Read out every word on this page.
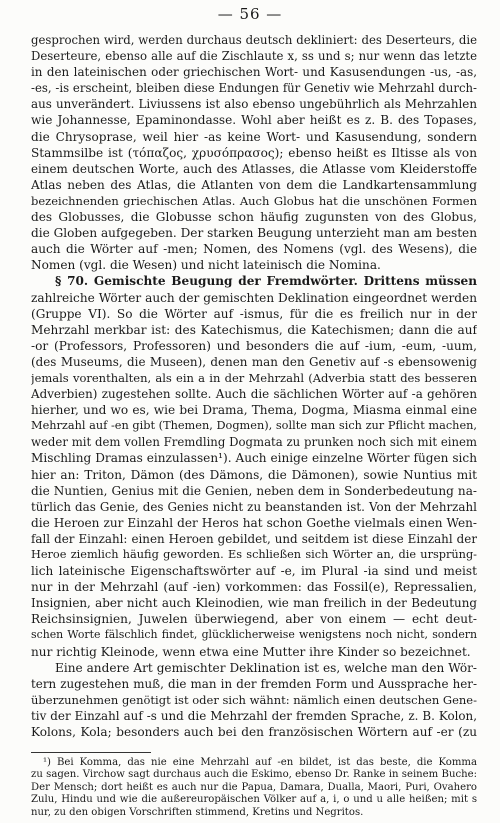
— 56 —
gesprochen wird, werden durchaus deutsch dekliniert: des Deserteurs, die
Deserteure, ebenso alle auf die Zischlaute x, ss und s; nur wenn das letzte
in den lateinischen oder griechischen Wort- und Kasusendungen -us, -as,
-es, -is erscheint, bleiben diese Endungen für Genetiv wie Mehrzahl durch-
aus unverändert. Liviussens ist also ebenso ungebührlich als Mehrzahlen
wie Johannesse, Epaminondasse. Wohl aber heißt es z. B. des Topases,
die Chrysoprase, weil hier -as keine Wort- und Kasusendung, sondern
Stammsilbe ist (τόπαζος, χρυσόπρασος); ebenso heißt es Iltisse als von
einem deutschen Worte, auch des Atlasses, die Atlasse vom Kleiderstoffe
Atlas neben des Atlas, die Atlanten von dem die Landkartensammlung
bezeichnenden griechischen Atlas. Auch Globus hat die unschönen Formen
des Globusses, die Globusse schon häufig zugunsten von des Globus,
die Globen aufgegeben. Der starken Beugung unterzieht man am besten
auch die Wörter auf -men; Nomen, des Nomens (vgl. des Wesens), die
Nomen (vgl. die Wesen) und nicht lateinisch die Nomina.
§ 70. Gemischte Beugung der Fremdwörter. Drittens müssen
zahlreiche Wörter auch der gemischten Deklination eingeordnet werden
(Gruppe VI). So die Wörter auf -ismus, für die es freilich nur in der
Mehrzahl merkbar ist: des Katechismus, die Katechismen; dann die auf
-or (Professors, Professoren) und besonders die auf -ium, -eum, -uum,
(des Museums, die Museen), denen man den Genetiv auf -s ebensowenig
jemals vorenthalten, als ein a in der Mehrzahl (Adverbia statt des besseren
Adverbien) zugestehen sollte. Auch die sächlichen Wörter auf -a gehören
hierher, und wo es, wie bei Drama, Thema, Dogma, Miasma einmal eine
Mehrzahl auf -en gibt (Themen, Dogmen), sollte man sich zur Pflicht machen,
weder mit dem vollen Fremdling Dogmata zu prunken noch sich mit einem
Mischling Dramas einzulassen¹). Auch einige einzelne Wörter fügen sich
hier an: Triton, Dämon (des Dämons, die Dämonen), sowie Nuntius mit
die Nuntien, Genius mit die Genien, neben dem in Sonderbedeutung na-
türlich das Genie, des Genies nicht zu beanstanden ist. Von der Mehrzahl
die Heroen zur Einzahl der Heros hat schon Goethe vielmals einen Wen-
fall der Einzahl: einen Heroen gebildet, und seitdem ist diese Einzahl der
Heroe ziemlich häufig geworden. Es schließen sich Wörter an, die ursprüng-
lich lateinische Eigenschaftswörter auf -e, im Plural -ia sind und meist
nur in der Mehrzahl (auf -ien) vorkommen: das Fossil(e), Repressalien,
Insignien, aber nicht auch Kleinodien, wie man freilich in der Bedeutung
Reichsinsignien, Juwelen überwiegend, aber von einem — echt deut-
schen Worte fälschlich findet, glücklicherweise wenigstens noch nicht, sondern
nur richtig Kleinode, wenn etwa eine Mutter ihre Kinder so bezeichnet.
Eine andere Art gemischter Deklination ist es, welche man den Wör-
tern zugestehen muß, die man in der fremden Form und Aussprache her-
überzunehmen genötigt ist oder sich wähnt: nämlich einen deutschen Gene-
tiv der Einzahl auf -s und die Mehrzahl der fremden Sprache, z. B. Kolon,
Kolons, Kola; besonders auch bei den französischen Wörtern auf -er (zu
¹) Bei Komma, das nie eine Mehrzahl auf -en bildet, ist das beste, die Komma
zu sagen. Virchow sagt durchaus auch die Eskimo, ebenso Dr. Ranke in seinem Buche:
Der Mensch; dort heißt es auch nur die Papua, Damara, Dualla, Maori, Puri, Ovahero
Zulu, Hindu und wie die außereuropäischen Völker auf a, i, o und u alle heißen; mit s
nur, zu den obigen Vorschriften stimmend, Kretins und Negritos.
